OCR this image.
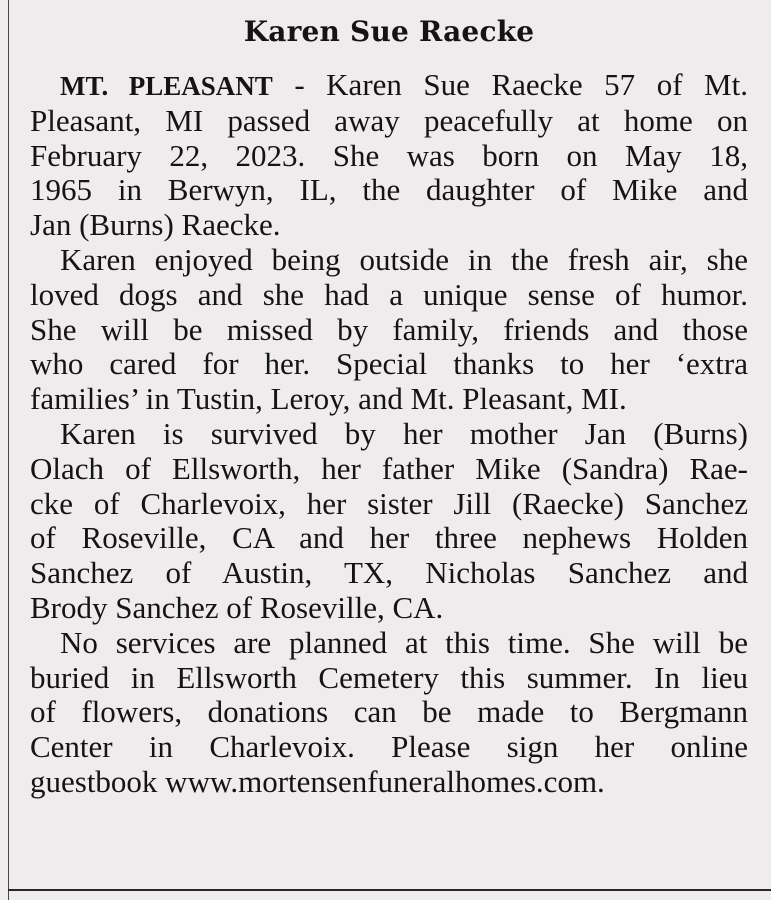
Karen Sue Raecke

MT. PLEASANT - Karen Sue Raecke 57 of Mt.
Pleasant, MI passed away peacefully at home on
February 22, 2023. She was born on May 18,
1965 in Berwyn, IL, the daughter of Mike and
Jan (Burns) Raecke.

Karen enjoyed being outside in the fresh air, she
loved dogs and she had a unique sense of humor.
She will be missed by family, friends and those
who cared for her. Special thanks to her ‘extra
families’ in Tustin, Leroy, and Mt. Pleasant, MI.

Karen is survived by her mother Jan (Burns)
Olach of Ellsworth, her father Mike (Sandra) Rae-
cke of Charlevoix, her sister Jill (Raecke) Sanchez
of Roseville, CA and her three nephews Holden
Sanchez of Austin, TX, Nicholas Sanchez and
Brody Sanchez of Roseville, CA.

No services are planned at this time. She will be
buried in Ellsworth Cemetery this summer. In lieu
of flowers, donations can be made to Bergmann
Center in Charlevoix. Please sign her online
guestbook www.mortensenfuneralhomes.com.
